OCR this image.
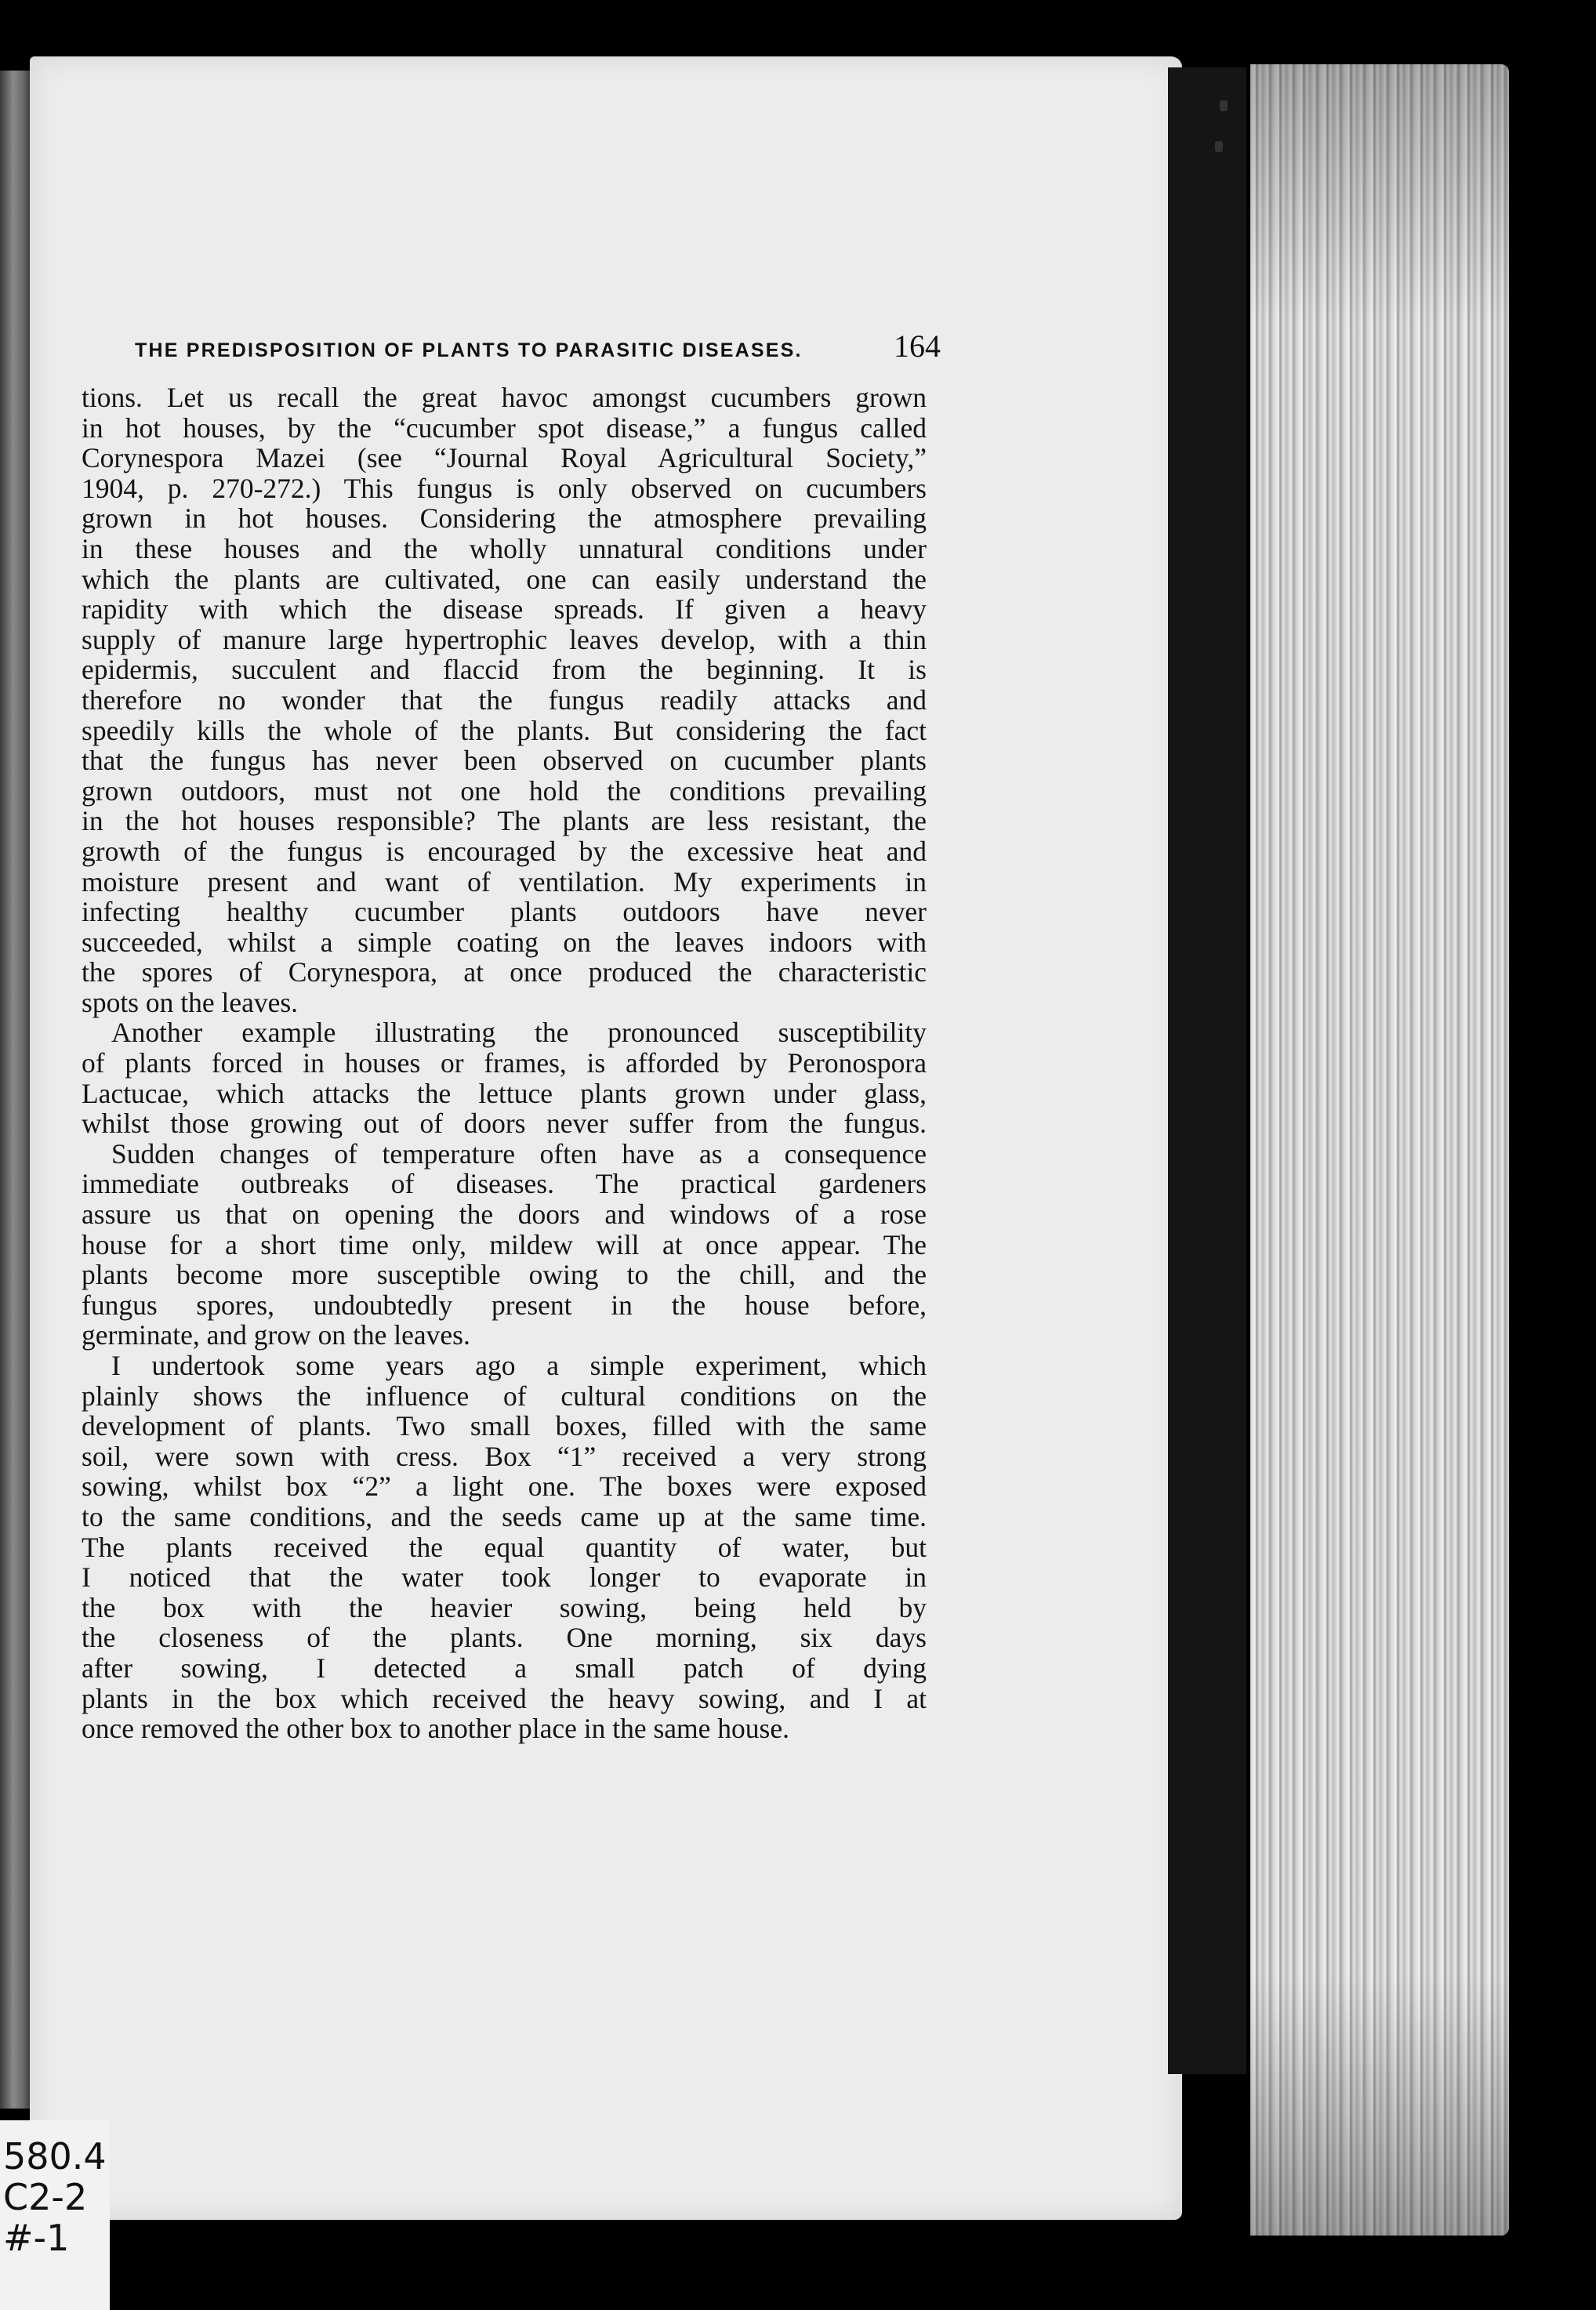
THE PREDISPOSITION OF PLANTS TO PARASITIC DISEASES.	164
tions. Let us recall the great havoc amongst cucumbers grown
in hot houses, by the “cucumber spot disease,” a fungus called
Corynespora Mazei (see “Journal Royal Agricultural Society,”
1904, p. 270-272.) This fungus is only observed on cucumbers
grown in hot houses. Considering the atmosphere prevailing
in these houses and the wholly unnatural conditions under
which the plants are cultivated, one can easily understand the
rapidity with which the disease spreads. If given a heavy
supply of manure large hypertrophic leaves develop, with a thin
epidermis, succulent and flaccid from the beginning. It is
therefore no wonder that the fungus readily attacks and
speedily kills the whole of the plants. But considering the fact
that the fungus has never been observed on cucumber plants
grown outdoors, must not one hold the conditions prevailing
in the hot houses responsible? The plants are less resistant, the
growth of the fungus is encouraged by the excessive heat and
moisture present and want of ventilation. My experiments in
infecting healthy cucumber plants outdoors have never
succeeded, whilst a simple coating on the leaves indoors with
the spores of Corynespora, at once produced the characteristic
spots on the leaves.
Another example illustrating the pronounced susceptibility
of plants forced in houses or frames, is afforded by Peronospora
Lactucae, which attacks the lettuce plants grown under glass,
whilst those growing out of doors never suffer from the fungus.
Sudden changes of temperature often have as a consequence
immediate outbreaks of diseases. The practical gardeners
assure us that on opening the doors and windows of a rose
house for a short time only, mildew will at once appear. The
plants become more susceptible owing to the chill, and the
fungus spores, undoubtedly present in the house before,
germinate, and grow on the leaves.
I undertook some years ago a simple experiment, which
plainly shows the influence of cultural conditions on the
development of plants. Two small boxes, filled with the same
soil, were sown with cress. Box “1” received a very strong
sowing, whilst box “2” a light one. The boxes were exposed
to the same conditions, and the seeds came up at the same time.
The plants received the equal quantity of water, but
I noticed that the water took longer to evaporate in
the box with the heavier sowing, being held by
the closeness of the plants. One morning, six days
after sowing, I detected a small patch of dying
plants in the box which received the heavy sowing, and I at
once removed the other box to another place in the same house.
580.4
C2-2
#-1
